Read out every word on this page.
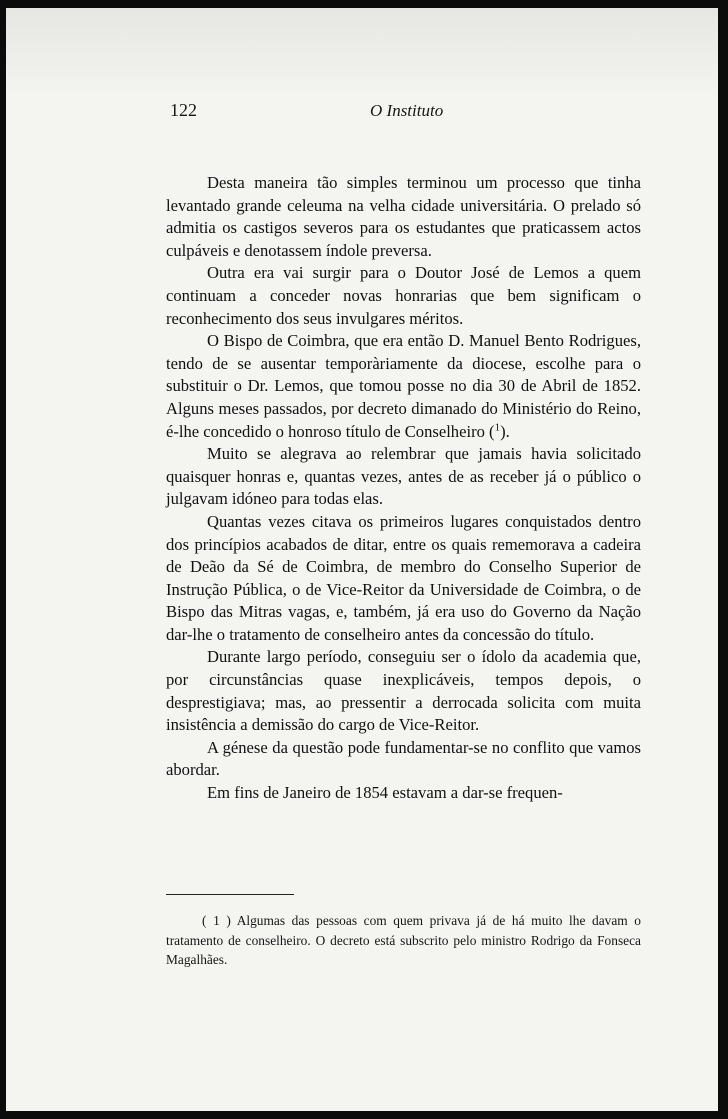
122	O Instituto

Desta maneira tão simples terminou um processo que tinha levantado grande celeuma na velha cidade universitária. O prelado só admitia os castigos severos para os estudantes que praticassem actos culpáveis e denotassem índole preversa.

Outra era vai surgir para o Doutor José de Lemos a quem continuam a conceder novas honrarias que bem significam o reconhecimento dos seus invulgares méritos.

O Bispo de Coimbra, que era então D. Manuel Bento Rodrigues, tendo de se ausentar temporàriamente da diocese, escolhe para o substituir o Dr. Lemos, que tomou posse no dia 30 de Abril de 1852. Alguns meses passados, por decreto dimanado do Ministério do Reino, é-lhe concedido o honroso título de Conselheiro ($^1$).

Muito se alegrava ao relembrar que jamais havia solicitado quaisquer honras e, quantas vezes, antes de as receber já o público o julgavam idóneo para todas elas.

Quantas vezes citava os primeiros lugares conquistados dentro dos princípios acabados de ditar, entre os quais rememorava a cadeira de Deão da Sé de Coimbra, de membro do Conselho Superior de Instrução Pública, o de Vice-Reitor da Universidade de Coimbra, o de Bispo das Mitras vagas, e, também, já era uso do Governo da Nação dar-lhe o tratamento de conselheiro antes da concessão do título.

Durante largo período, conseguiu ser o ídolo da academia que, por circunstâncias quase inexplicáveis, tempos depois, o desprestigiava; mas, ao pressentir a derrocada solicita com muita insistência a demissão do cargo de Vice-Reitor.

A génese da questão pode fundamentar-se no conflito que vamos abordar.

Em fins de Janeiro de 1854 estavam a dar-se frequen-

( 1 ) Algumas das pessoas com quem privava já de há muito lhe davam o tratamento de conselheiro. O decreto está subscrito pelo ministro Rodrigo da Fonseca Magalhães.
